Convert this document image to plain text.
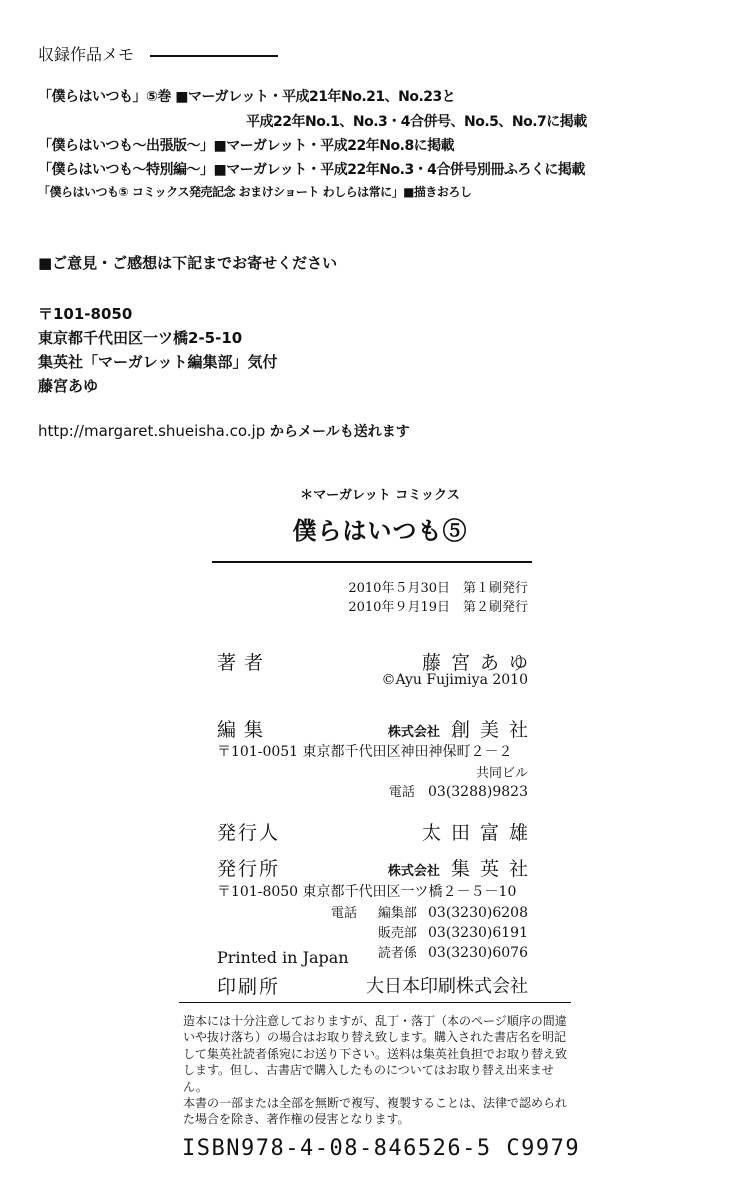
収録作品メモ
「僕らはいつも」⑤巻 ■マーガレット・平成21年No.21、No.23と
平成22年No.1、No.3・4合併号、No.5、No.7に掲載
「僕らはいつも～出張版～」■マーガレット・平成22年No.8に掲載
「僕らはいつも～特別編～」■マーガレット・平成22年No.3・4合併号別冊ふろくに掲載
「僕らはいつも⑤ コミックス発売記念 おまけショート わしらは常に」■描きおろし
■ご意見・ご感想は下記までお寄せください
〒101-8050
東京都千代田区一ツ橋2-5-10
集英社「マーガレット編集部」気付
藤宮あゆ
http://margaret.shueisha.co.jp からメールも送れます
＊マーガレット コミックス
僕らはいつも⑤
2010年５月30日　第１刷発行
2010年９月19日　第２刷発行
著者	藤宮あゆ
©Ayu Fujimiya 2010
編集	株式会社 創美社
〒101-0051 東京都千代田区神田神保町２－２
共同ビル
電話 03(3288)9823
発行人	太田富雄
発行所	株式会社 集英社
〒101-8050 東京都千代田区一ツ橋２－５－10
電話 編集部 03(3230)6208
販売部 03(3230)6191
読者係 03(3230)6076
Printed in Japan
印刷所	大日本印刷株式会社

造本には十分注意しておりますが、乱丁・落丁（本のページ順序の間違いや抜け落ち）の場合はお取り替え致します。購入された書店名を明記して集英社読者係宛にお送り下さい。送料は集英社負担でお取り替え致します。但し、古書店で購入したものについてはお取り替え出来ません。

本書の一部または全部を無断で複写、複製することは、法律で認められた場合を除き、著作権の侵害となります。

ISBN978-4-08-846526-5 C9979
